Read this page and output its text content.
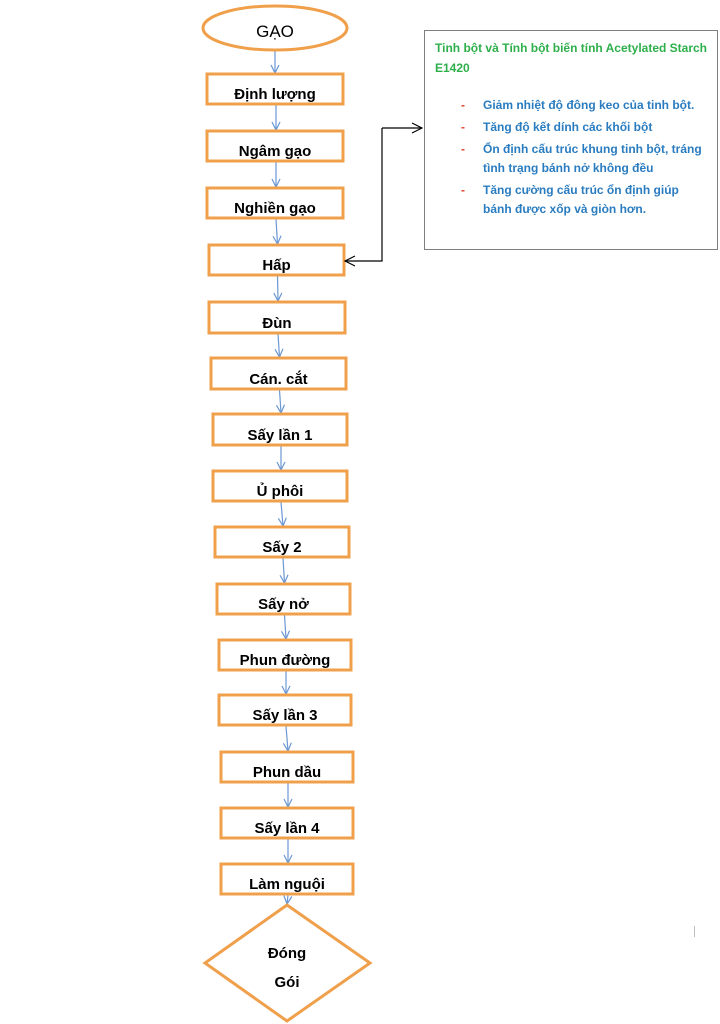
GẠO
Định lượng
Ngâm gạo
Nghiền gạo
Hấp
Đùn
Cán. cắt
Sấy lần 1
Ủ phôi
Sấy 2
Sấy nở
Phun đường
Sấy lần 3
Phun dầu
Sấy lần 4
Làm nguội
Đóng
Gói
Tinh bột và Tính bột biến tính Acetylated Starch E1420
- Giảm nhiệt độ đông keo của tinh bột.
- Tăng độ kết dính các khối bột
- Ổn định cấu trúc khung tinh bột, tráng tình trạng bánh nở không đều
- Tăng cường cấu trúc ổn định giúp bánh được xốp và giòn hơn.
